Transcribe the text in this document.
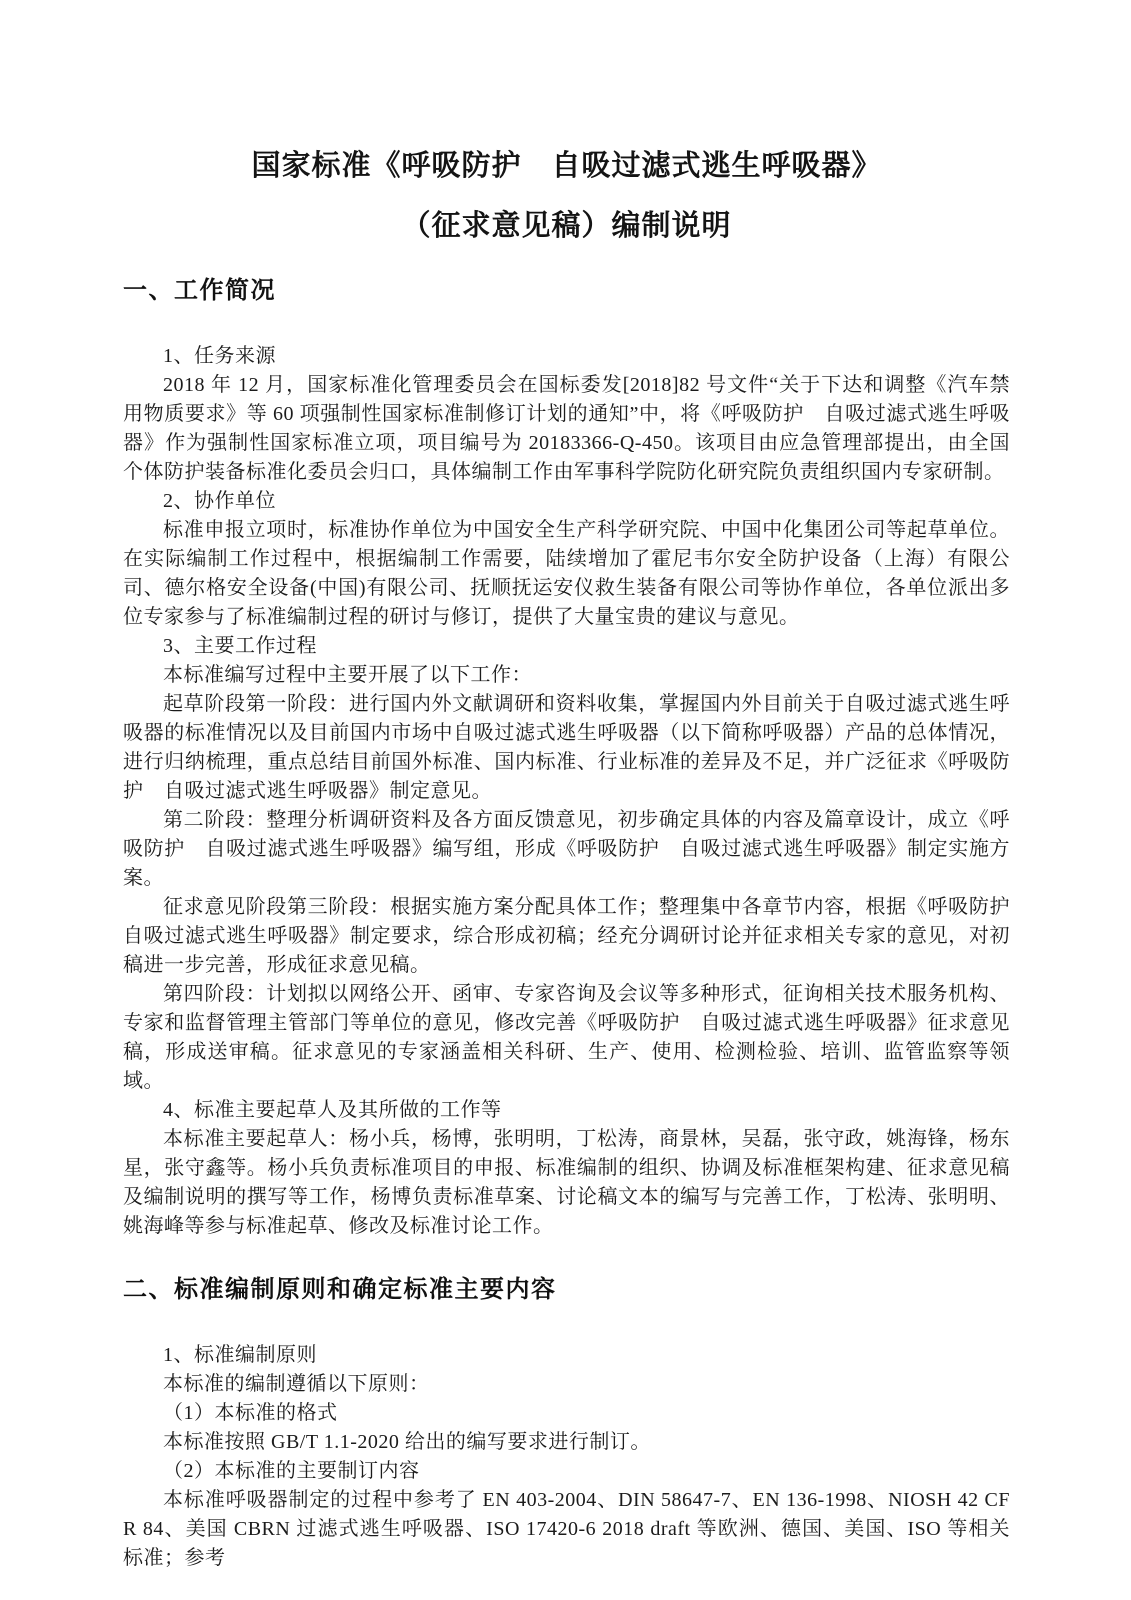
国家标准《呼吸防护　自吸过滤式逃生呼吸器》
（征求意见稿）编制说明
一、工作简况

1、任务来源

2018 年 12 月，国家标准化管理委员会在国标委发[2018]82 号文件“关于下达和调整《汽车禁用物质要求》等 60 项强制性国家标准制修订计划的通知”中，将《呼吸防护　自吸过滤式逃生呼吸器》作为强制性国家标准立项，项目编号为 20183366-Q-450。该项目由应急管理部提出，由全国个体防护装备标准化委员会归口，具体编制工作由军事科学院防化研究院负责组织国内专家研制。

2、协作单位

标准申报立项时，标准协作单位为中国安全生产科学研究院、中国中化集团公司等起草单位。在实际编制工作过程中，根据编制工作需要，陆续增加了霍尼韦尔安全防护设备（上海）有限公司、德尔格安全设备(中国)有限公司、抚顺抚运安仪救生装备有限公司等协作单位，各单位派出多位专家参与了标准编制过程的研讨与修订，提供了大量宝贵的建议与意见。

3、主要工作过程

本标准编写过程中主要开展了以下工作：

起草阶段第一阶段：进行国内外文献调研和资料收集，掌握国内外目前关于自吸过滤式逃生呼吸器的标准情况以及目前国内市场中自吸过滤式逃生呼吸器（以下简称呼吸器）产品的总体情况，进行归纳梳理，重点总结目前国外标准、国内标准、行业标准的差异及不足，并广泛征求《呼吸防护　自吸过滤式逃生呼吸器》制定意见。

第二阶段：整理分析调研资料及各方面反馈意见，初步确定具体的内容及篇章设计，成立《呼吸防护　自吸过滤式逃生呼吸器》编写组，形成《呼吸防护　自吸过滤式逃生呼吸器》制定实施方案。

征求意见阶段第三阶段：根据实施方案分配具体工作；整理集中各章节内容，根据《呼吸防护　自吸过滤式逃生呼吸器》制定要求，综合形成初稿；经充分调研讨论并征求相关专家的意见，对初稿进一步完善，形成征求意见稿。

第四阶段：计划拟以网络公开、函审、专家咨询及会议等多种形式，征询相关技术服务机构、专家和监督管理主管部门等单位的意见，修改完善《呼吸防护　自吸过滤式逃生呼吸器》征求意见稿，形成送审稿。征求意见的专家涵盖相关科研、生产、使用、检测检验、培训、监管监察等领域。

4、标准主要起草人及其所做的工作等

本标准主要起草人：杨小兵，杨博，张明明，丁松涛，商景林，吴磊，张守政，姚海锋，杨东星，张守鑫等。杨小兵负责标准项目的申报、标准编制的组织、协调及标准框架构建、征求意见稿及编制说明的撰写等工作，杨博负责标准草案、讨论稿文本的编写与完善工作，丁松涛、张明明、姚海峰等参与标准起草、修改及标准讨论工作。

二、标准编制原则和确定标准主要内容

1、标准编制原则

本标准的编制遵循以下原则：

（1）本标准的格式

本标准按照 GB/T 1.1-2020 给出的编写要求进行制订。

（2）本标准的主要制订内容

本标准呼吸器制定的过程中参考了 EN 403-2004、DIN 58647-7、EN 136-1998、NIOSH 42 CFR 84、美国 CBRN 过滤式逃生呼吸器、ISO 17420-6 2018 draft 等欧洲、德国、美国、ISO 等相关标准；参考
